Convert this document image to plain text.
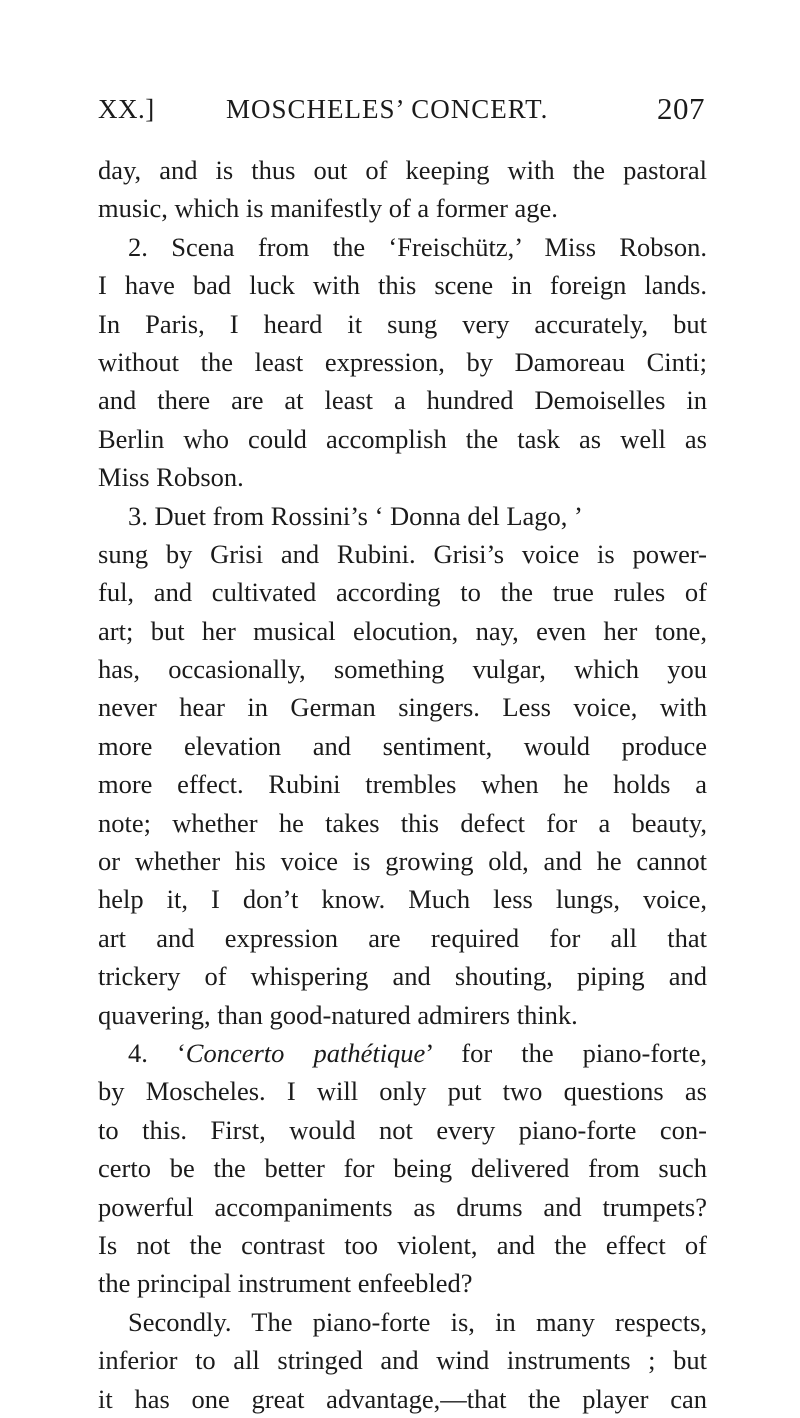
XX.]	MOSCHELES’ CONCERT.	207
day, and is thus out of keeping with the pastoral
music, which is manifestly of a former age.
2. Scena from the ‘Freischütz,’ Miss Robson.
I have bad luck with this scene in foreign lands.
In Paris, I heard it sung very accurately, but
without the least expression, by Damoreau Cinti;
and there are at least a hundred Demoiselles in
Berlin who could accomplish the task as well as
Miss Robson.
3. Duet from Rossini’s ‘ Donna del Lago, ’
sung by Grisi and Rubini. Grisi’s voice is power-
ful, and cultivated according to the true rules of
art; but her musical elocution, nay, even her tone,
has, occasionally, something vulgar, which you
never hear in German singers. Less voice, with
more elevation and sentiment, would produce
more effect. Rubini trembles when he holds a
note; whether he takes this defect for a beauty,
or whether his voice is growing old, and he cannot
help it, I don’t know. Much less lungs, voice,
art and expression are required for all that
trickery of whispering and shouting, piping and
quavering, than good-natured admirers think.
4. ‘Concerto pathétique’ for the piano-forte,
by Moscheles. I will only put two questions as
to this. First, would not every piano-forte con-
certo be the better for being delivered from such
powerful accompaniments as drums and trumpets?
Is not the contrast too violent, and the effect of
the principal instrument enfeebled?
Secondly. The piano-forte is, in many respects,
inferior to all stringed and wind instruments ; but
it has one great advantage,—that the player can
